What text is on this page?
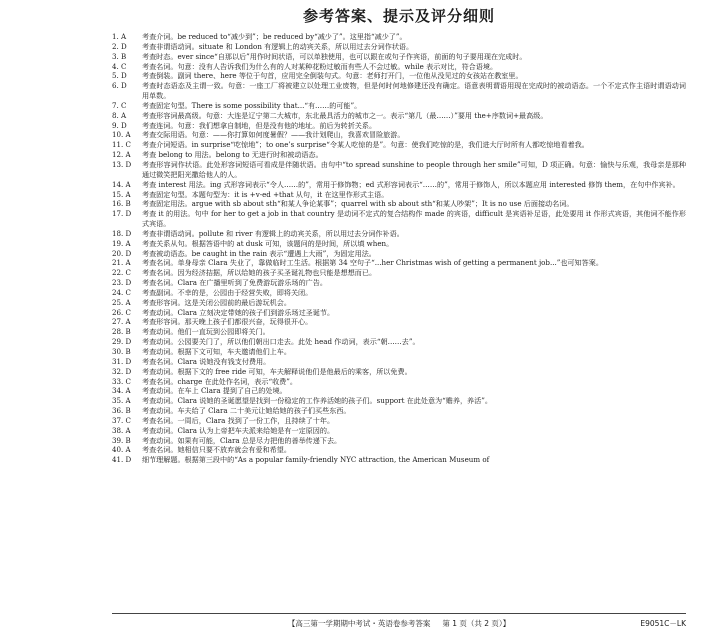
参考答案、提示及评分细则
1. A	考查介词。be reduced to“减少到”；be reduced by“减少了”。这里指“减少了”。
2. D	考查非谓语动词。situate 和 London 有逻辑上的动宾关系，所以用过去分词作状语。
3. B	考查时态。ever since“自那以后”用作时间状语，可以单独使用，也可以跟在或句子作宾语，前面的句子要用现在完成时。
4. C	考查名词。句意：没有人告诉我们为什么有的人对某种花粉过敏而有些人不会过敏。while 表示对比，符合语境。
5. D	考查倒装。副词 there、here 等位于句首，应用完全倒装句式。句意：老师打开门，一位他从没见过的女孩站在教室里。
6. D	考查时态语态及主谓一致。句意：一座工厂将被建立以处理工业废物，但是何时何地修建还没有确定。语意表明谓语用现在完成时的被动语态。一个不定式作主语时谓语动词用单数。
7. C	考查固定句型。There is some possibility that...“有……的可能”。
8. A	考查形容词最高级。句意：大连是辽宁第二大城市，东北最具活力的城市之一。表示“第几（最……）”要用 the+序数词+最高级。
9. D	考查连词。句意：我们想拿自制地，但是没有他的地址。前后为转折关系。
10. A	考查交际用语。句意：——你打算如何度暑假？——我计划爬山，我喜欢冒险旅游。
11. C	考查介词短语。in surprise“吃惊地”；to one’s surprise“令某人吃惊的是”。句意：使我们吃惊的是，我们进大厅时所有人都吃惊地看着我。
12. A	考查 belong to 用法。belong to 无进行时和被动语态。
13. D	考查形容词作状语。此处形容词短语可看成是伴随状语。由句中“to spread sunshine to people through her smile”可知，D 项正确。句意：愉快与乐观，我母亲是那种通过微笑把阳光撒给他人的人。
14. A	考查 interest 用法。ing 式形容词表示“令人……的”，常用于修饰物；ed 式形容词表示“……的”，常用于修饰人，所以本题应用 interested 修饰 them，在句中作宾补。
15. A	考查固定句型。本题句型为：it is +v-ed +that 从句，it 在这里作形式主语。
16. B	考查固定用法。argue with sb about sth“和某人争论某事”；quarrel with sb about sth“和某人吵架”；It is no use 后面接动名词。
17. D	考查 it 的用法。句中 for her to get a job in that country 是动词不定式的复合结构作 made 的宾语，difficult 是宾语补足语，此处要用 it 作形式宾语，其他词不能作形式宾语。
18. D	考查非谓语动词。pollute 和 river 有逻辑上的动宾关系，所以用过去分词作补语。
19. A	考查关系从句。根据答语中的 at dusk 可知，该题问的是时间，所以填 when。
20. D	考查被动语态。be caught in the rain 表示“遭遇上大雨”，为固定用法。
21. A	考查名词。单身母亲 Clara 失业了，靠做临时工生活。根据第 34 空句子“...her Christmas wish of getting a permanent job...”也可知答案。
22. C	考查名词。因为经济拮据，所以给她的孩子买圣诞礼物也只能是想想而已。
23. D	考查名词。Clara 在广播里听到了免费游玩游乐场的广告。
24. C	考查副词。不幸的是，公园由于经营失败，即将关闭。
25. A	考查形容词。这是关闭公园前的最后游玩机会。
26. C	考查动词。Clara 立刻决定带她的孩子们到游乐场过圣诞节。
27. A	考查形容词。那天晚上孩子们都很兴奋，玩得很开心。
28. B	考查动词。他们一直玩到公园即将关门。
29. D	考查动词。公园要关门了，所以他们朝出口走去。此处 head 作动词，表示“朝……去”。
30. B	考查动词。根据下文可知，车夫邀请他们上车。
31. D	考查名词。Clara 说她没有钱支付费用。
32. D	考查动词。根据下文的 free ride 可知，车夫解释说他们是他最后的乘客，所以免费。
33. C	考查名词。charge 在此处作名词，表示“收费”。
34. A	考查动词。在车上 Clara 提到了自己的处境。
35. A	考查动词。Clara 说她的圣诞愿望是找到一份稳定的工作养活她的孩子们。support 在此处意为“赡养，养活”。
36. B	考查动词。车夫给了 Clara 二十美元让她给她的孩子们买些东西。
37. C	考查名词。一周后，Clara 找到了一份工作，且持续了十年。
38. A	考查动词。Clara 认为上帝把车夫派来给她是有一定原因的。
39. B	考查动词。如果有可能，Clara 总是尽力把他的善举传递下去。
40. A	考查名词。她相信只要不放弃就会有爱和希望。
41. D	细节理解题。根据第三段中的“As a popular family-friendly NYC attraction, the American Museum of
【高三第一学期期中考试・英语卷参考答案 第 1 页（共 2 页）】	E9051C－LK
